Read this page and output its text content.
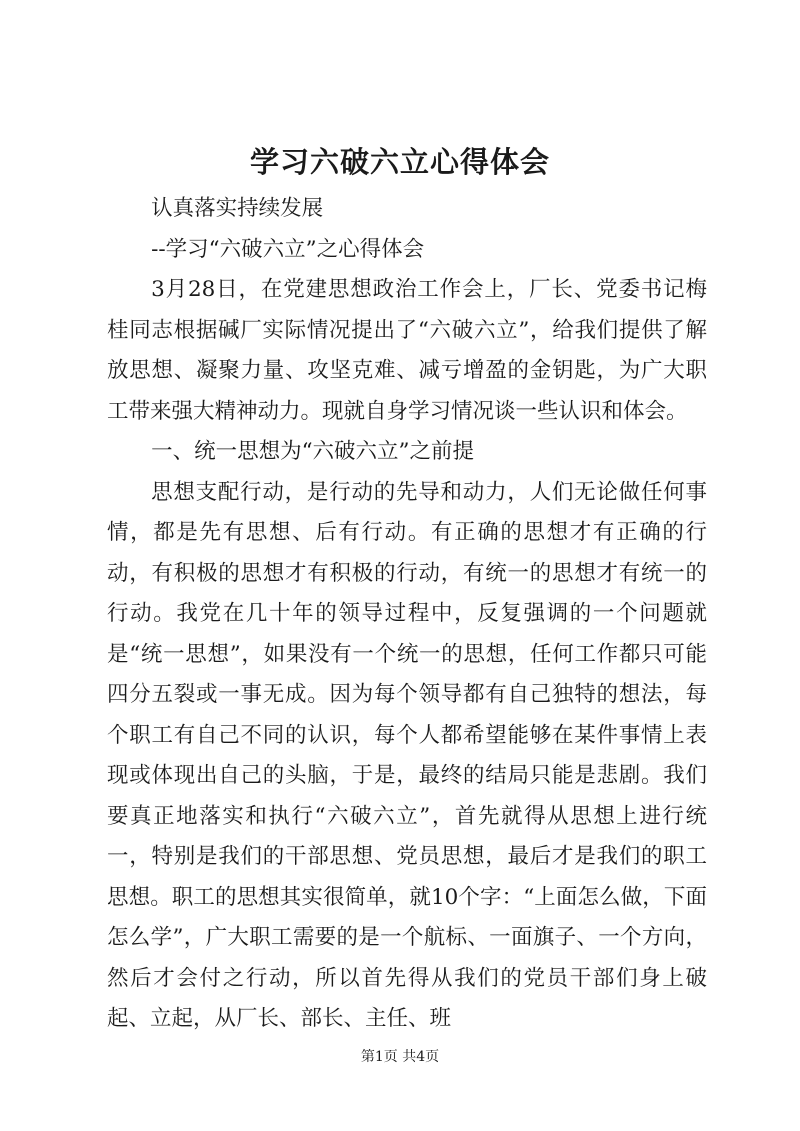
学习六破六立心得体会

认真落实持续发展

--学习“六破六立”之心得体会

3月28日，在党建思想政治工作会上，厂长、党委书记梅桂同志根据碱厂实际情况提出了“六破六立”，给我们提供了解放思想、凝聚力量、攻坚克难、减亏增盈的金钥匙，为广大职工带来强大精神动力。现就自身学习情况谈一些认识和体会。

一、统一思想为“六破六立”之前提

思想支配行动，是行动的先导和动力，人们无论做任何事情，都是先有思想、后有行动。有正确的思想才有正确的行动，有积极的思想才有积极的行动，有统一的思想才有统一的行动。我党在几十年的领导过程中，反复强调的一个问题就是“统一思想”，如果没有一个统一的思想，任何工作都只可能四分五裂或一事无成。因为每个领导都有自己独特的想法，每个职工有自己不同的认识，每个人都希望能够在某件事情上表现或体现出自己的头脑，于是，最终的结局只能是悲剧。我们要真正地落实和执行“六破六立”，首先就得从思想上进行统一，特别是我们的干部思想、党员思想，最后才是我们的职工思想。职工的思想其实很简单，就10个字：“上面怎么做，下面怎么学”，广大职工需要的是一个航标、一面旗子、一个方向，然后才会付之行动，所以首先得从我们的党员干部们身上破起、立起，从厂长、部长、主任、班

第1页 共4页
